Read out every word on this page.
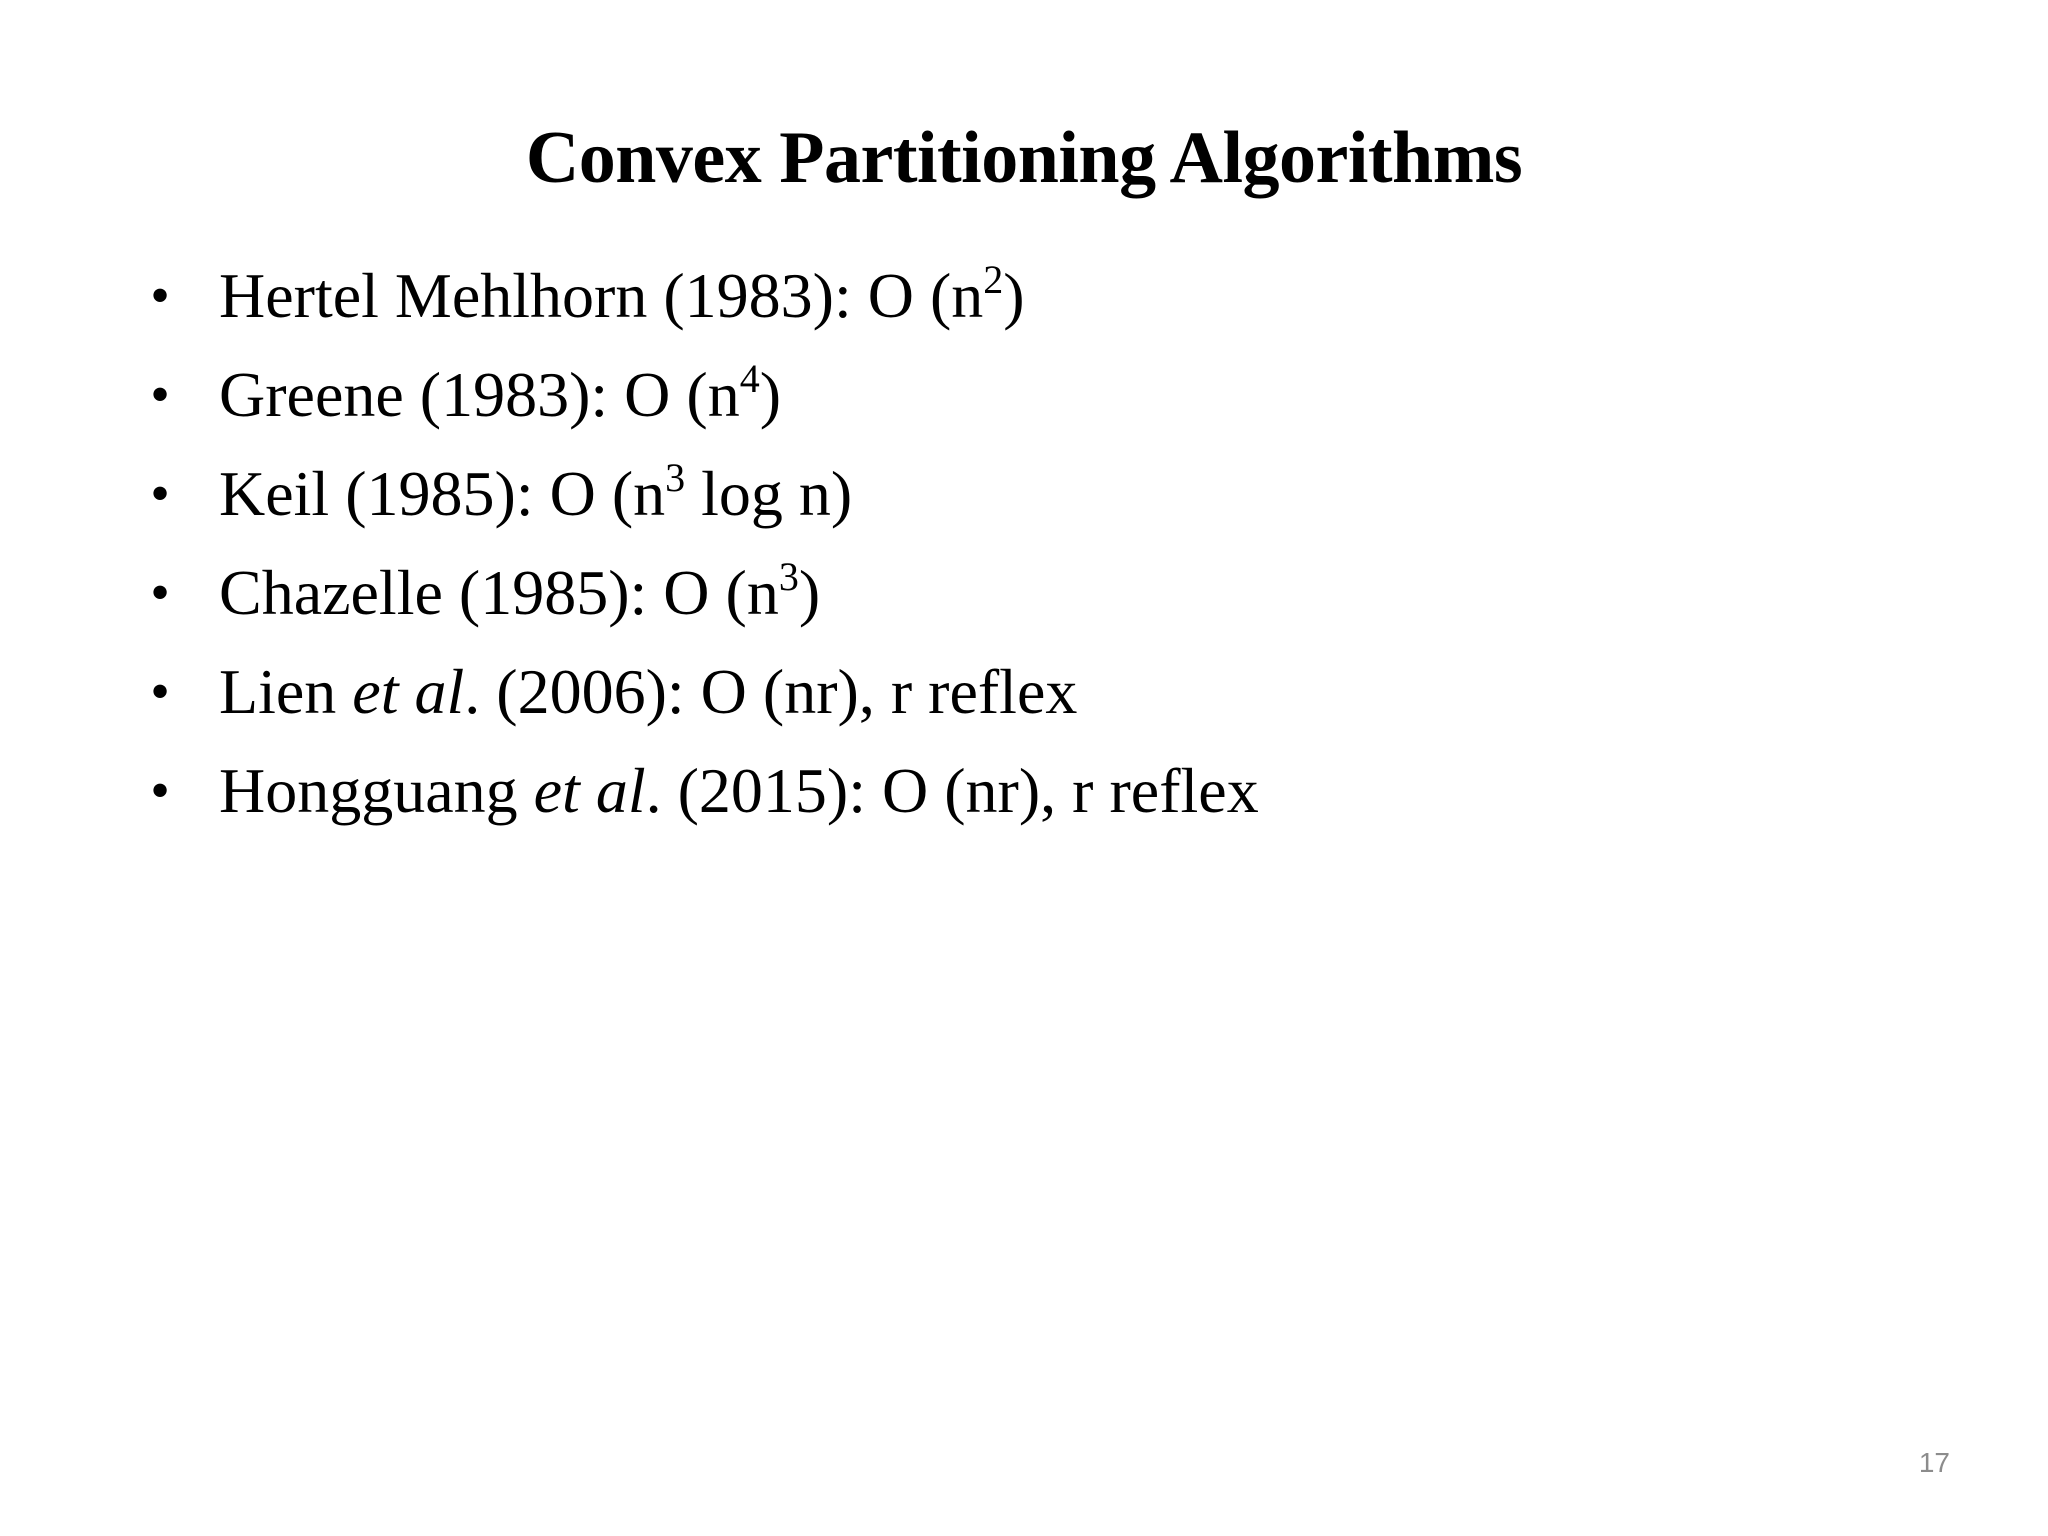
Convex Partitioning Algorithms
• Hertel Mehlhorn (1983): O $(n^2)$
• Greene (1983): O $(n^4)$
• Keil (1985): O ($n^3$ log n)
• Chazelle (1985): O $(n^3)$
• Lien et al. (2006): O (nr), r reflex
• Hongguang et al. (2015): O (nr), r reflex
17
